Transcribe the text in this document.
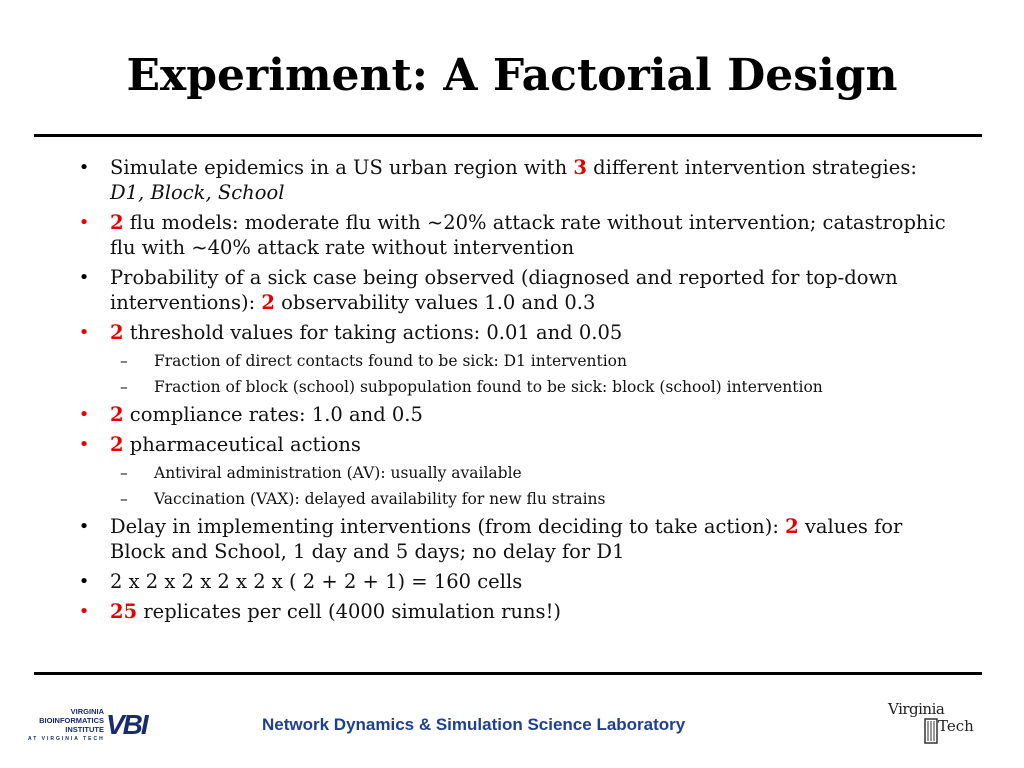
Experiment: A Factorial Design
• Simulate epidemics in a US urban region with 3 different intervention strategies: D1, Block, School
• 2 flu models: moderate flu with ~20% attack rate without intervention; catastrophic flu with ~40% attack rate without intervention
• Probability of a sick case being observed (diagnosed and reported for top-down interventions): 2 observability values 1.0 and 0.3
• 2 threshold values for taking actions: 0.01 and 0.05
– Fraction of direct contacts found to be sick: D1 intervention
– Fraction of block (school) subpopulation found to be sick: block (school) intervention
• 2 compliance rates: 1.0 and 0.5
• 2 pharmaceutical actions
– Antiviral administration (AV): usually available
– Vaccination (VAX): delayed availability for new flu strains
• Delay in implementing interventions (from deciding to take action): 2 values for Block and School, 1 day and 5 days; no delay for D1
• 2 x 2 x 2 x 2 x 2 x ( 2 + 2 + 1) = 160 cells
• 25 replicates per cell (4000 simulation runs!)
VIRGINIA
BIOINFORMATICS
INSTITUTE
AT VIRGINIA TECH VBI	Network Dynamics & Simulation Science Laboratory
Virginia
Tech
